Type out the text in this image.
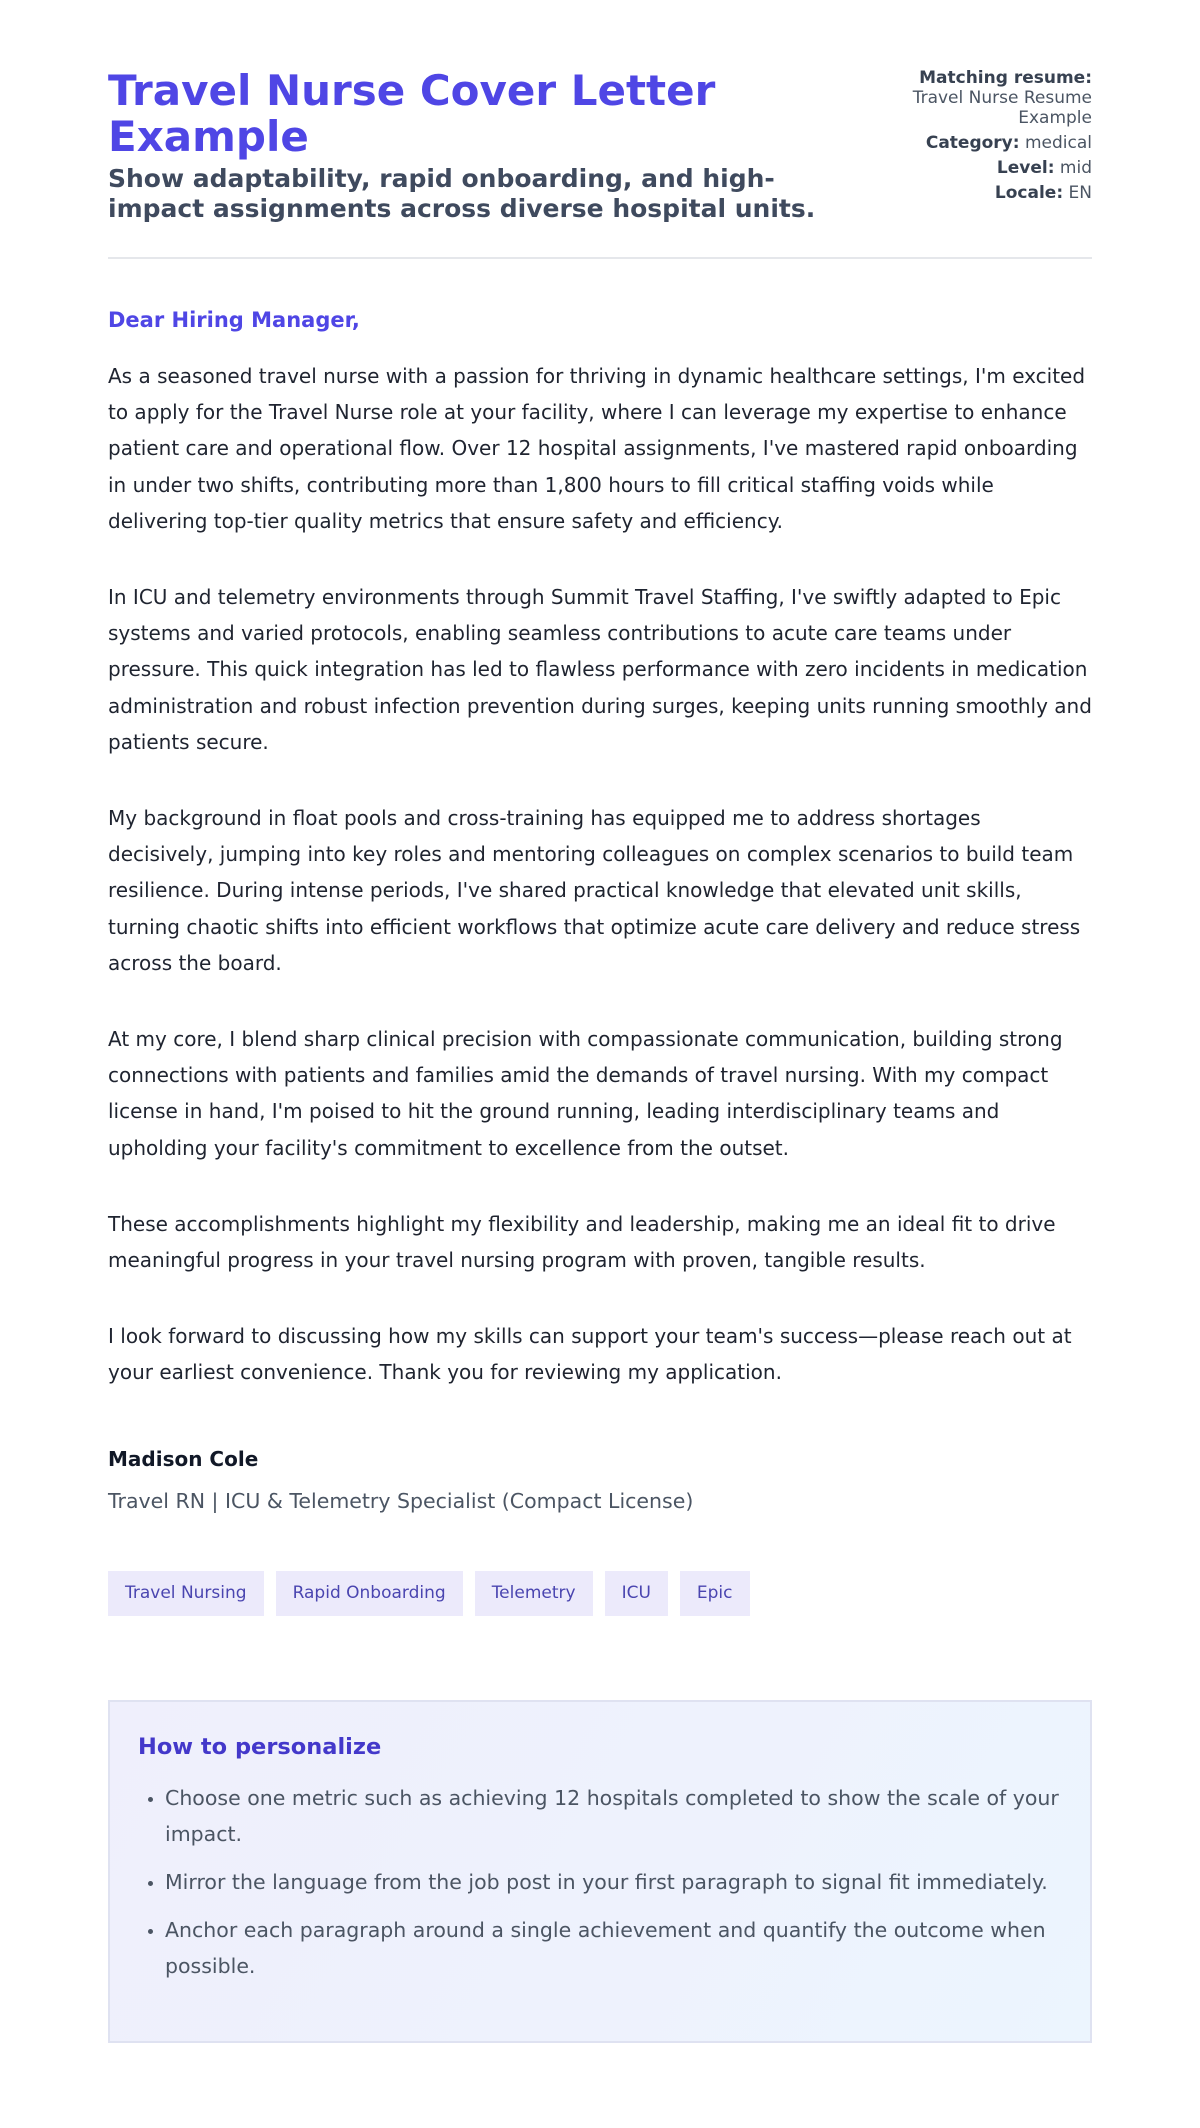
Travel Nurse Cover Letter Example
Show adaptability, rapid onboarding, and high-impact assignments across diverse hospital units.
Matching resume:
Travel Nurse Resume Example
Category: medical
Level: mid
Locale: EN

Dear Hiring Manager,

As a seasoned travel nurse with a passion for thriving in dynamic healthcare settings, I'm excited to apply for the Travel Nurse role at your facility, where I can leverage my expertise to enhance patient care and operational flow. Over 12 hospital assignments, I've mastered rapid onboarding in under two shifts, contributing more than 1,800 hours to fill critical staffing voids while delivering top-tier quality metrics that ensure safety and efficiency.

In ICU and telemetry environments through Summit Travel Staffing, I've swiftly adapted to Epic systems and varied protocols, enabling seamless contributions to acute care teams under pressure. This quick integration has led to flawless performance with zero incidents in medication administration and robust infection prevention during surges, keeping units running smoothly and patients secure.

My background in float pools and cross-training has equipped me to address shortages decisively, jumping into key roles and mentoring colleagues on complex scenarios to build team resilience. During intense periods, I've shared practical knowledge that elevated unit skills, turning chaotic shifts into efficient workflows that optimize acute care delivery and reduce stress across the board.

At my core, I blend sharp clinical precision with compassionate communication, building strong connections with patients and families amid the demands of travel nursing. With my compact license in hand, I'm poised to hit the ground running, leading interdisciplinary teams and upholding your facility's commitment to excellence from the outset.

These accomplishments highlight my flexibility and leadership, making me an ideal fit to drive meaningful progress in your travel nursing program with proven, tangible results.

I look forward to discussing how my skills can support your team's success—please reach out at your earliest convenience. Thank you for reviewing my application.

Madison Cole
Travel RN | ICU & Telemetry Specialist (Compact License)
Travel Nursing	Rapid Onboarding	Telemetry	ICU	Epic
How to personalize
• Choose one metric such as achieving 12 hospitals completed to show the scale of your impact.
• Mirror the language from the job post in your first paragraph to signal fit immediately.
• Anchor each paragraph around a single achievement and quantify the outcome when possible.
